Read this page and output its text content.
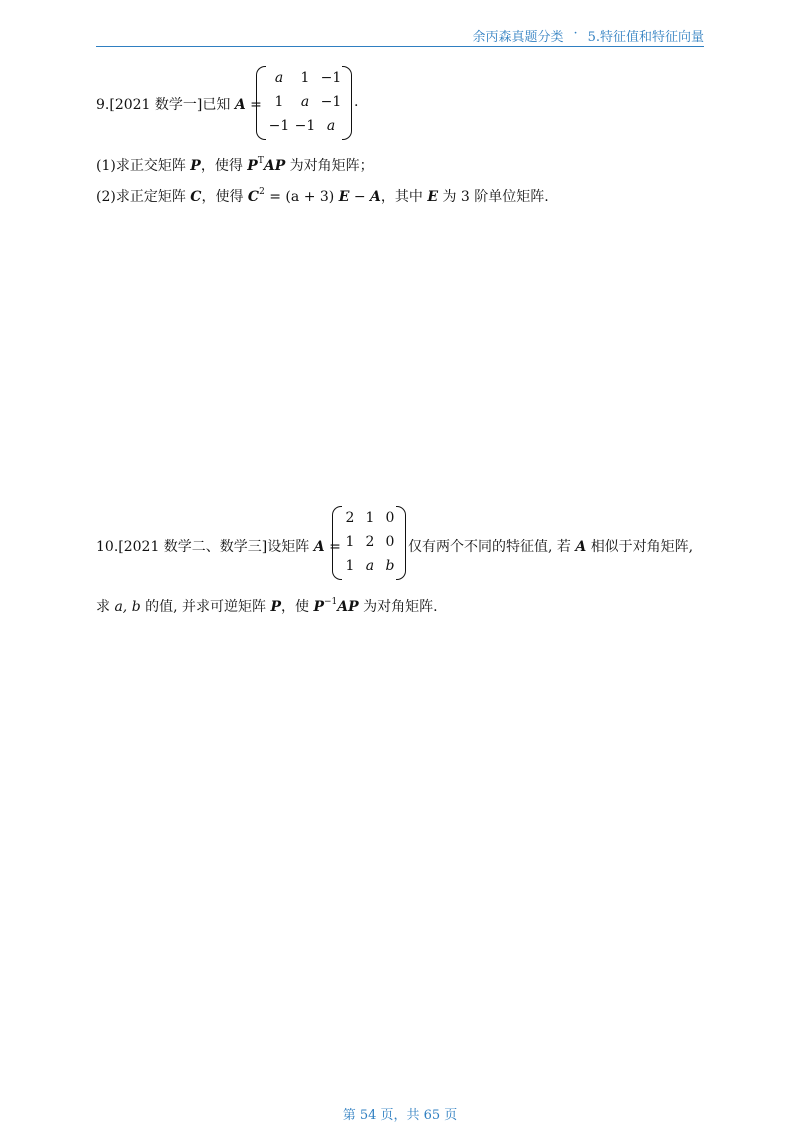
余丙森真题分类 · 5.特征值和特征向量
9.[2021 数学一]已知 A =
a	1	−1
1	a	−1
−1	−1	a
.
(1)求正交矩阵 P，使得 $P^TAP$ 为对角矩阵；
(2)求正定矩阵 C，使得 $C^2 = (a + 3) E - A$，其中 E 为 3 阶单位矩阵.
10.[2021 数学二、数学三]设矩阵 A =
2	1	0
1	2	0
1	a	b
仅有两个不同的特征值, 若 A 相似于对角矩阵,
求 a, b 的值, 并求可逆矩阵 P，使 $P^{-1}AP$ 为对角矩阵.
第 54 页，共 65 页
